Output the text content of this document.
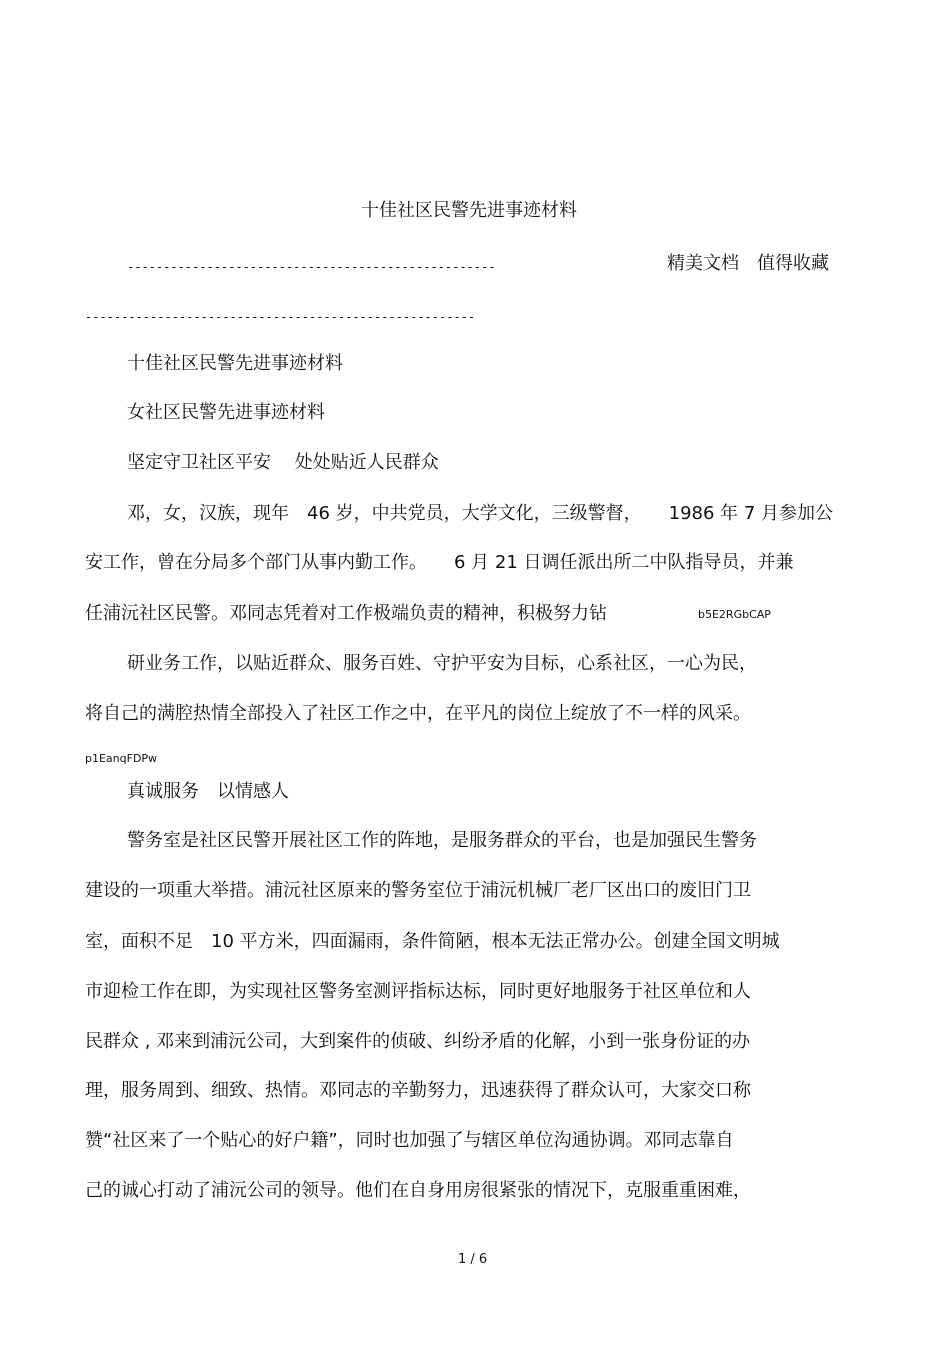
十佳社区民警先进事迹材料
---------------------------------------------------	精美文档　值得收藏
------------------------------------------------------
十佳社区民警先进事迹材料
女社区民警先进事迹材料
坚定守卫社区平安　 处处贴近人民群众
邓，女，汉族，现年　46 岁，中共党员，大学文化，三级警督，　　1986 年 7 月参加公
安工作，曾在分局多个部门从事内勤工作。　　6 月 21 日调任派出所二中队指导员，并兼
任浦沅社区民警。邓同志凭着对工作极端负责的精神，积极努力钻	b5E2RGbCAP
研业务工作，以贴近群众、服务百姓、守护平安为目标，心系社区，一心为民，
将自己的满腔热情全部投入了社区工作之中，在平凡的岗位上绽放了不一样的风采。
p1EanqFDPw
真诚服务　以情感人
警务室是社区民警开展社区工作的阵地，是服务群众的平台，也是加强民生警务
建设的一项重大举措。浦沅社区原来的警务室位于浦沅机械厂老厂区出口的废旧门卫
室，面积不足　10 平方米，四面漏雨，条件简陋，根本无法正常办公。创建全国文明城
市迎检工作在即，为实现社区警务室测评指标达标，同时更好地服务于社区单位和人
民群众 , 邓来到浦沅公司，大到案件的侦破、纠纷矛盾的化解，小到一张身份证的办
理，服务周到、细致、热情。邓同志的辛勤努力，迅速获得了群众认可，大家交口称
赞“社区来了一个贴心的好户籍”，同时也加强了与辖区单位沟通协调。邓同志靠自
己的诚心打动了浦沅公司的领导。他们在自身用房很紧张的情况下，克服重重困难，
1 / 6
